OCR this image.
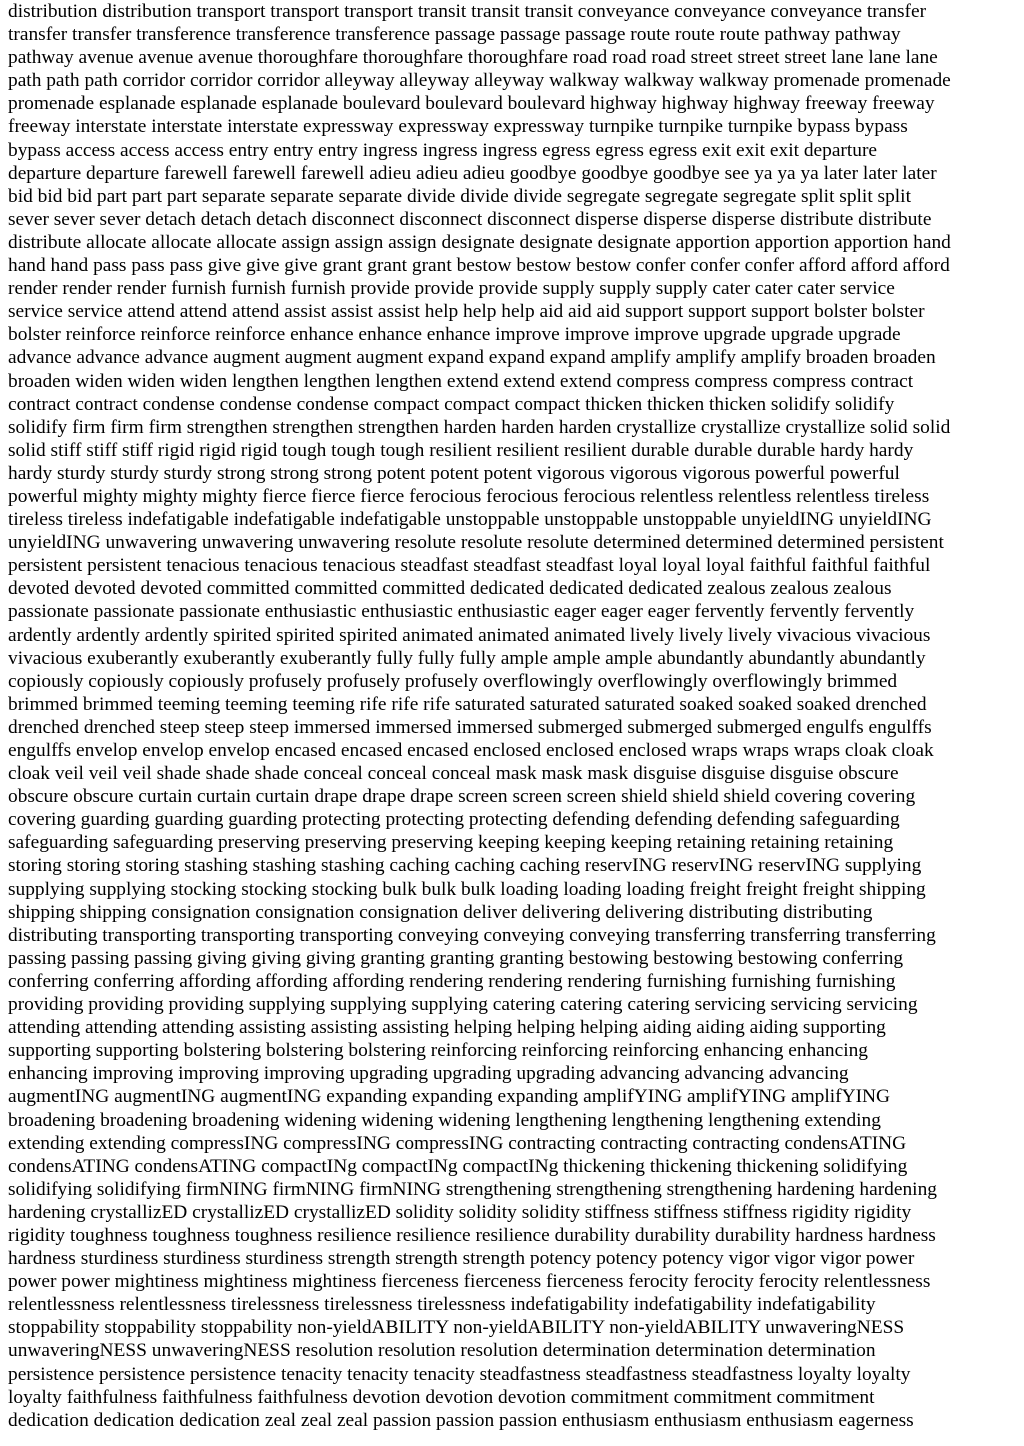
distribution distribution transport transport transport transit transit transit conveyance conveyance conveyance transfer
transfer transfer transference transference transference passage passage passage route route route pathway pathway
pathway avenue avenue avenue thoroughfare thoroughfare thoroughfare road road road street street street lane lane lane
path path path corridor corridor corridor alleyway alleyway alleyway walkway walkway walkway promenade promenade
promenade esplanade esplanade esplanade boulevard boulevard boulevard highway highway highway freeway freeway
freeway interstate interstate interstate expressway expressway expressway turnpike turnpike turnpike bypass bypass
bypass access access access entry entry entry ingress ingress ingress egress egress egress exit exit exit departure
departure departure farewell farewell farewell adieu adieu adieu goodbye goodbye goodbye see ya ya ya later later later
bid bid bid part part part separate separate separate divide divide divide segregate segregate segregate split split split
sever sever sever detach detach detach disconnect disconnect disconnect disperse disperse disperse distribute distribute
distribute allocate allocate allocate assign assign assign designate designate designate apportion apportion apportion hand
hand hand pass pass pass give give give grant grant grant bestow bestow bestow confer confer confer afford afford afford
render render render furnish furnish furnish provide provide provide supply supply supply cater cater cater service
service service attend attend attend assist assist assist help help help aid aid aid support support support bolster bolster
bolster reinforce reinforce reinforce enhance enhance enhance improve improve improve upgrade upgrade upgrade
advance advance advance augment augment augment expand expand expand amplify amplify amplify broaden broaden
broaden widen widen widen lengthen lengthen lengthen extend extend extend compress compress compress contract
contract contract condense condense condense compact compact compact thicken thicken thicken solidify solidify
solidify firm firm firm strengthen strengthen strengthen harden harden harden crystallize crystallize crystallize solid solid
solid stiff stiff stiff rigid rigid rigid tough tough tough resilient resilient resilient durable durable durable hardy hardy
hardy sturdy sturdy sturdy strong strong strong potent potent potent vigorous vigorous vigorous powerful powerful
powerful mighty mighty mighty fierce fierce fierce ferocious ferocious ferocious relentless relentless relentless tireless
tireless tireless indefatigable indefatigable indefatigable unstoppable unstoppable unstoppable unyieldING unyieldING
unyieldING unwavering unwavering unwavering resolute resolute resolute determined determined determined persistent
persistent persistent tenacious tenacious tenacious steadfast steadfast steadfast loyal loyal loyal faithful faithful faithful
devoted devoted devoted committed committed committed dedicated dedicated dedicated zealous zealous zealous
passionate passionate passionate enthusiastic enthusiastic enthusiastic eager eager eager fervently fervently fervently
ardently ardently ardently spirited spirited spirited animated animated animated lively lively lively vivacious vivacious
vivacious exuberantly exuberantly exuberantly fully fully fully ample ample ample abundantly abundantly abundantly
copiously copiously copiously profusely profusely profusely overflowingly overflowingly overflowingly brimmed
brimmed brimmed teeming teeming teeming rife rife rife saturated saturated saturated soaked soaked soaked drenched
drenched drenched steep steep steep immersed immersed immersed submerged submerged submerged engulfs engulffs
engulffs envelop envelop envelop encased encased encased enclosed enclosed enclosed wraps wraps wraps cloak cloak
cloak veil veil veil shade shade shade conceal conceal conceal mask mask mask disguise disguise disguise obscure
obscure obscure curtain curtain curtain drape drape drape screen screen screen shield shield shield covering covering
covering guarding guarding guarding protecting protecting protecting defending defending defending safeguarding
safeguarding safeguarding preserving preserving preserving keeping keeping keeping retaining retaining retaining
storing storing storing stashing stashing stashing caching caching caching reservING reservING reservING supplying
supplying supplying stocking stocking stocking bulk bulk bulk loading loading loading freight freight freight shipping
shipping shipping consignation consignation consignation deliver delivering delivering distributing distributing
distributing transporting transporting transporting conveying conveying conveying transferring transferring transferring
passing passing passing giving giving giving granting granting granting bestowing bestowing bestowing conferring
conferring conferring affording affording affording rendering rendering rendering furnishing furnishing furnishing
providing providing providing supplying supplying supplying catering catering catering servicing servicing servicing
attending attending attending assisting assisting assisting helping helping helping aiding aiding aiding supporting
supporting supporting bolstering bolstering bolstering reinforcing reinforcing reinforcing enhancing enhancing
enhancing improving improving improving upgrading upgrading upgrading advancing advancing advancing
augmentING augmentING augmentING expanding expanding expanding amplifYING amplifYING amplifYING
broadening broadening broadening widening widening widening lengthening lengthening lengthening extending
extending extending compressING compressING compressING contracting contracting contracting condensATING
condensATING condensATING compactINg compactINg compactINg thickening thickening thickening solidifying
solidifying solidifying firmNING firmNING firmNING strengthening strengthening strengthening hardening hardening
hardening crystallizED crystallizED crystallizED solidity solidity solidity stiffness stiffness stiffness rigidity rigidity
rigidity toughness toughness toughness resilience resilience resilience durability durability durability hardness hardness
hardness sturdiness sturdiness sturdiness strength strength strength potency potency potency vigor vigor vigor power
power power mightiness mightiness mightiness fierceness fierceness fierceness ferocity ferocity ferocity relentlessness
relentlessness relentlessness tirelessness tirelessness tirelessness indefatigability indefatigability indefatigability
stoppability stoppability stoppability non-yieldABILITY non-yieldABILITY non-yieldABILITY unwaveringNESS
unwaveringNESS unwaveringNESS resolution resolution resolution determination determination determination
persistence persistence persistence tenacity tenacity tenacity steadfastness steadfastness steadfastness loyalty loyalty
loyalty faithfulness faithfulness faithfulness devotion devotion devotion commitment commitment commitment
dedication dedication dedication zeal zeal zeal passion passion passion enthusiasm enthusiasm enthusiasm eagerness
